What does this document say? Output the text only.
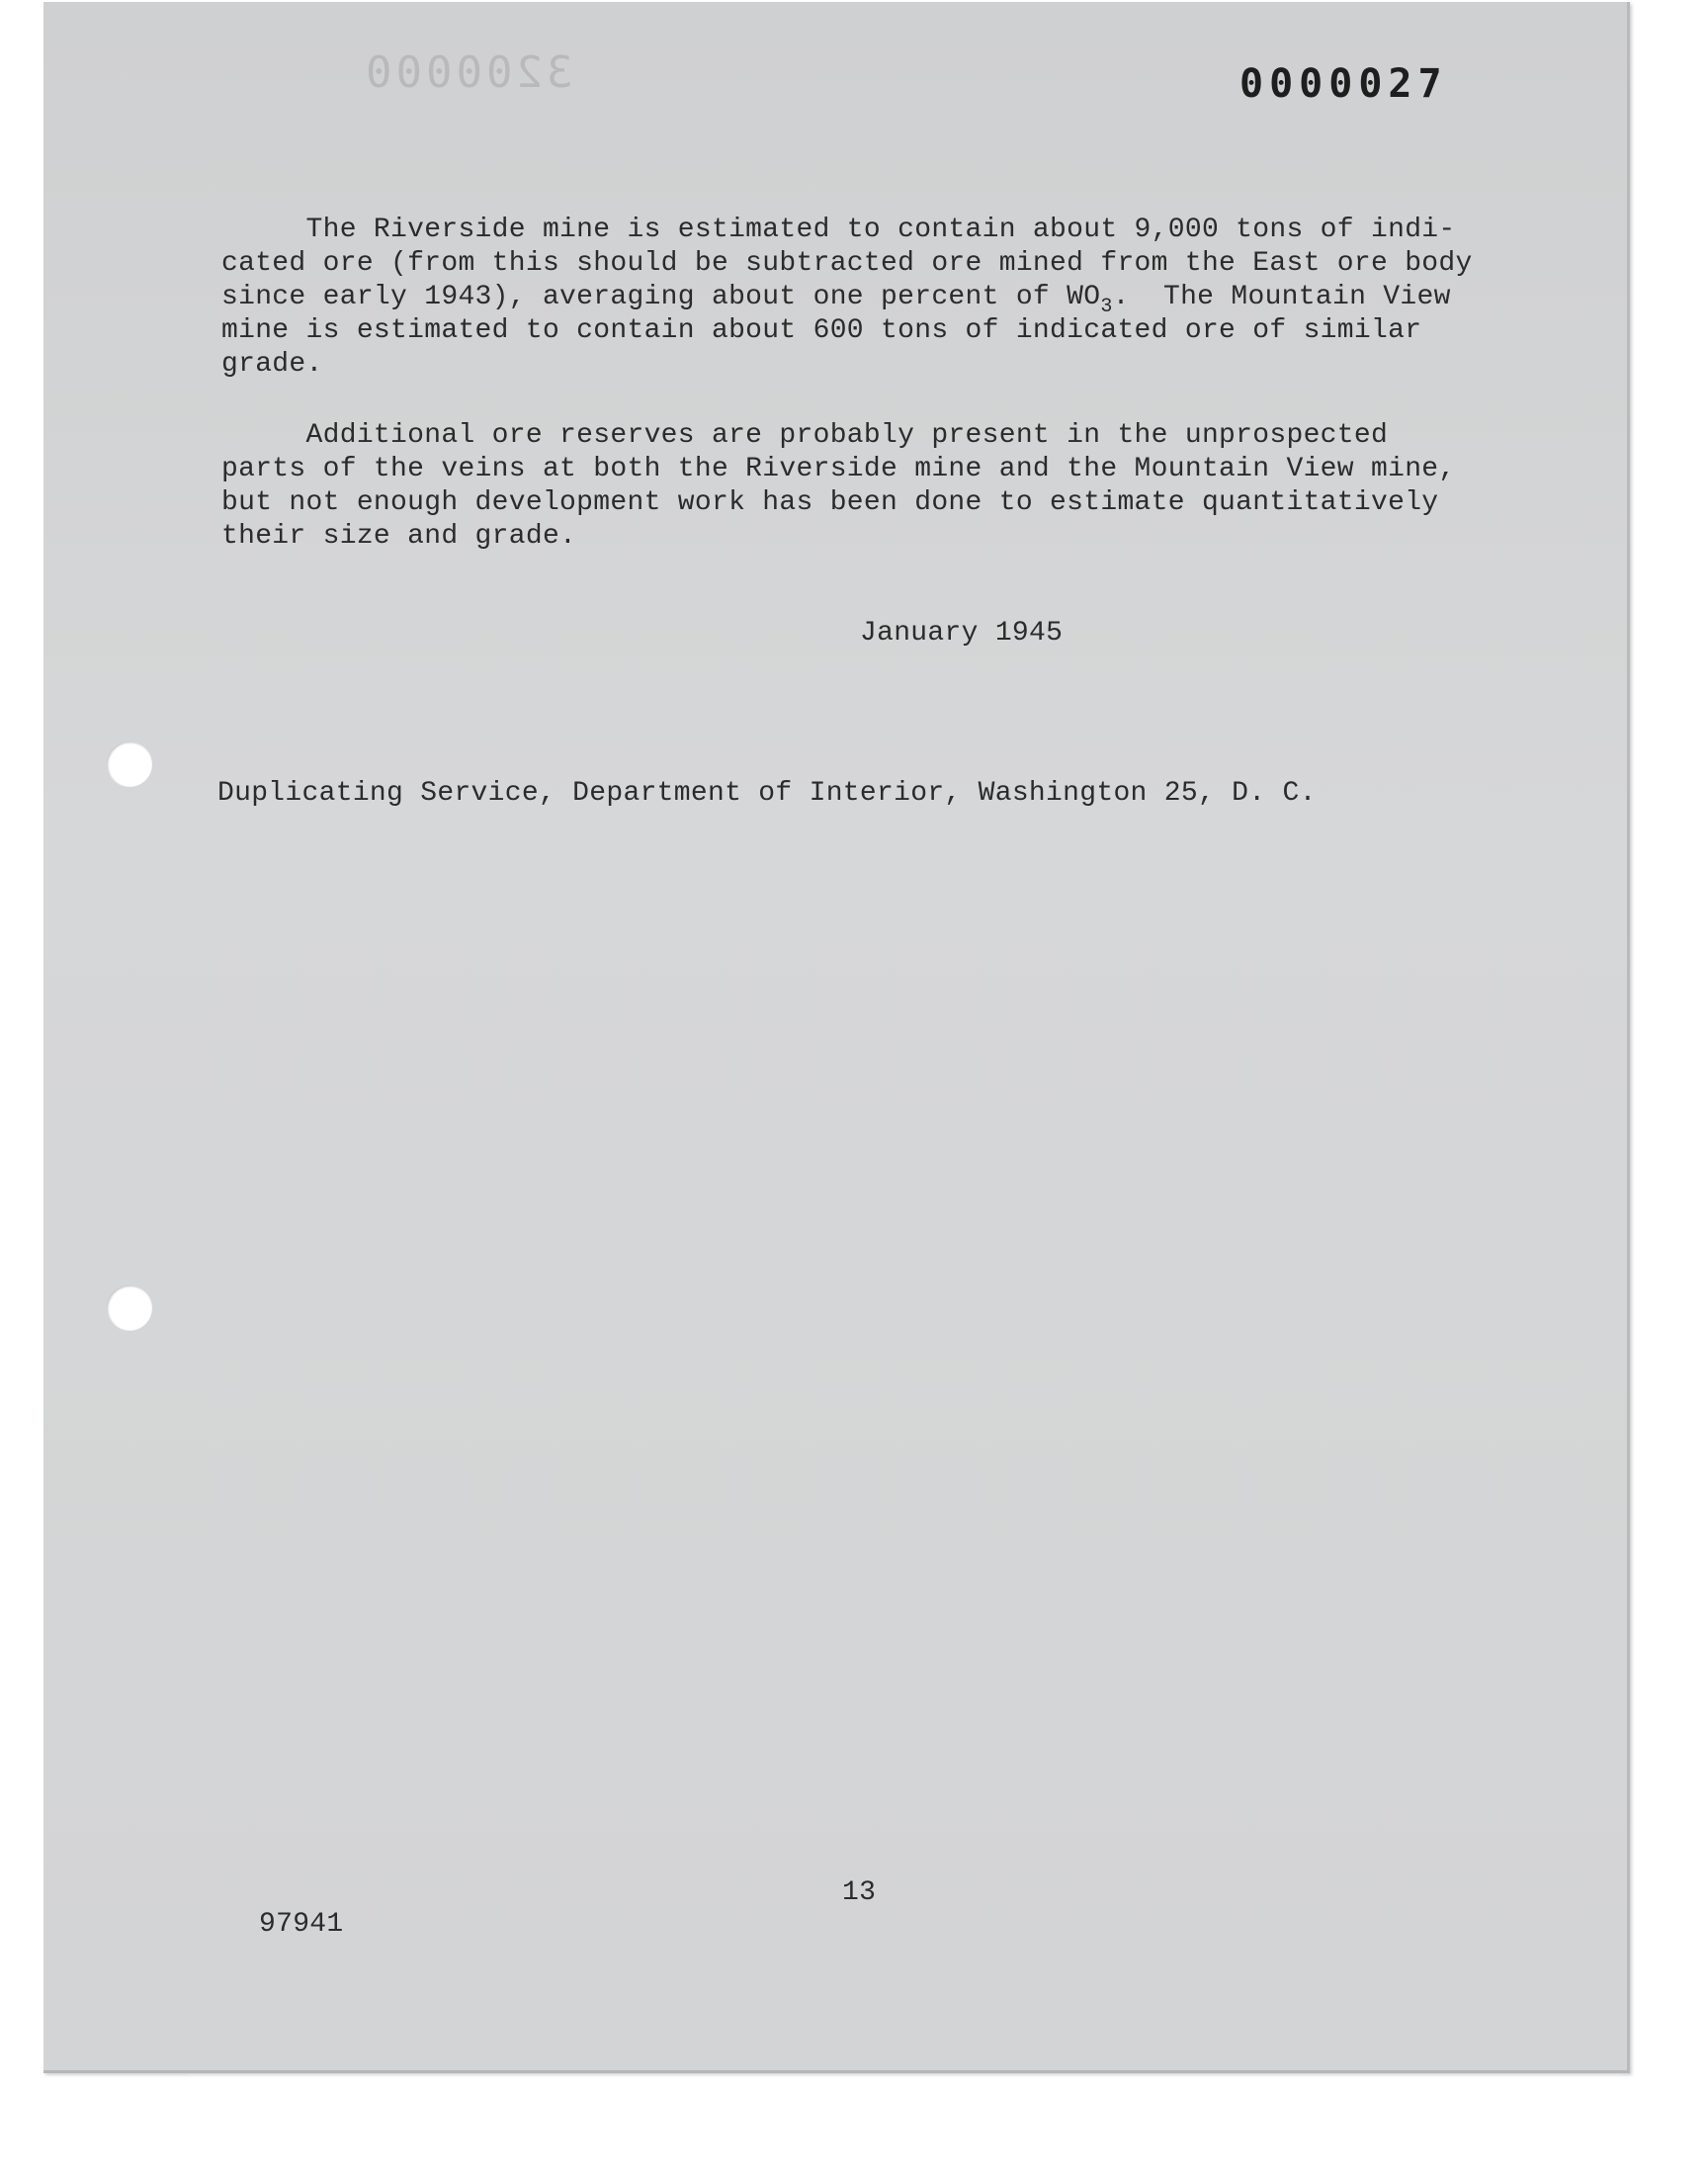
3200000	0000027
The Riverside mine is estimated to contain about 9,000 tons of indi-
cated ore (from this should be subtracted ore mined from the East ore body
since early 1943), averaging about one percent of $WO_3$.  The Mountain View
mine is estimated to contain about 600 tons of indicated ore of similar
grade.
Additional ore reserves are probably present in the unprospected
parts of the veins at both the Riverside mine and the Mountain View mine,
but not enough development work has been done to estimate quantitatively
their size and grade.
January 1945
Duplicating Service, Department of Interior, Washington 25, D. C.
13
97941
